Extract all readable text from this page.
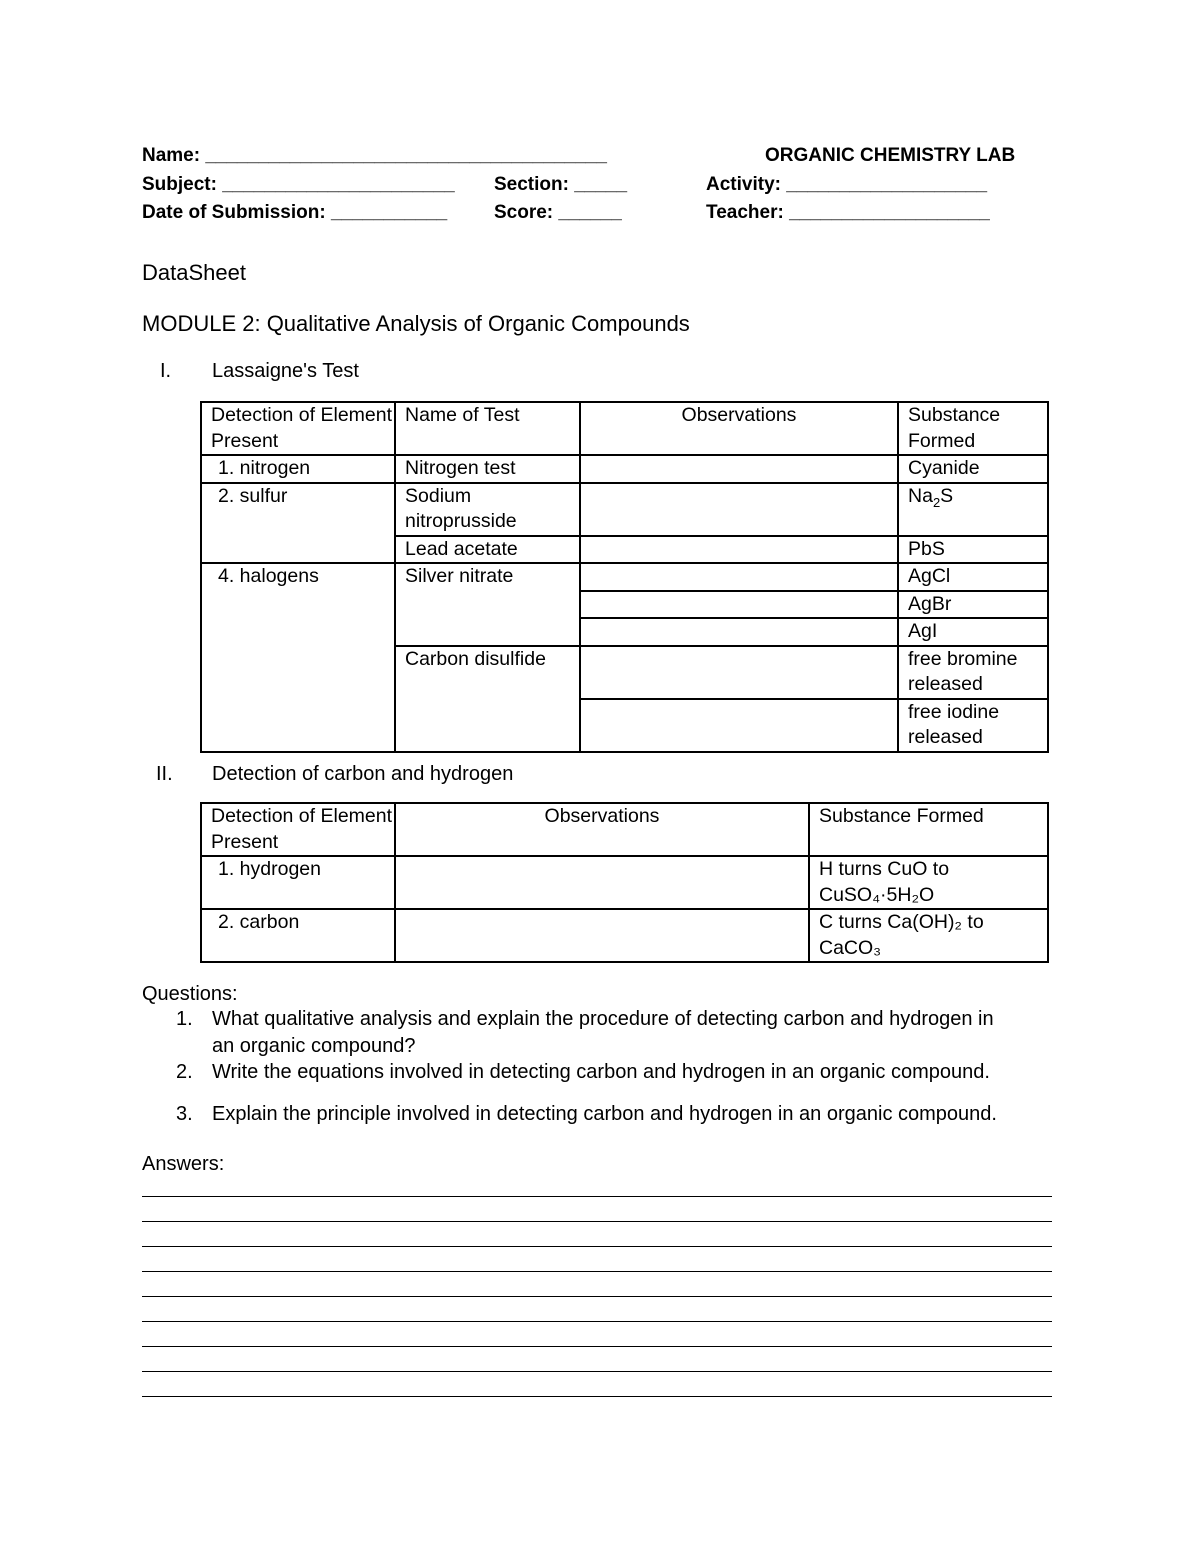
Name: ______________________________________	ORGANIC CHEMISTRY LAB
Subject: ______________________ Section: _____	Activity: ___________________
Date of Submission: ___________ Score: ______	Teacher: ___________________
DataSheet
MODULE 2: Qualitative Analysis of Organic Compounds
I. Lassaigne's Test
Detection of Element Present	Name of Test	Observations	Substance Formed
1. nitrogen	Nitrogen test		Cyanide
2. sulfur	Sodium nitroprusside		$Na_2S$
	Lead acetate		PbS
4. halogens	Silver nitrate		AgCl
			AgBr
			AgI
	Carbon disulfide		free bromine released
			free iodine released
II. Detection of carbon and hydrogen
Detection of Element Present	Observations	Substance Formed
1. hydrogen		H turns CuO to
CuSO₄·5H₂O

2. carbon		C turns Ca(OH)₂ to
CaCO₃
Questions:
1. What qualitative analysis and explain the procedure of detecting carbon and hydrogen in
an organic compound?
2. Write the equations involved in detecting carbon and hydrogen in an organic compound.
3. Explain the principle involved in detecting carbon and hydrogen in an organic compound.
Answers:
